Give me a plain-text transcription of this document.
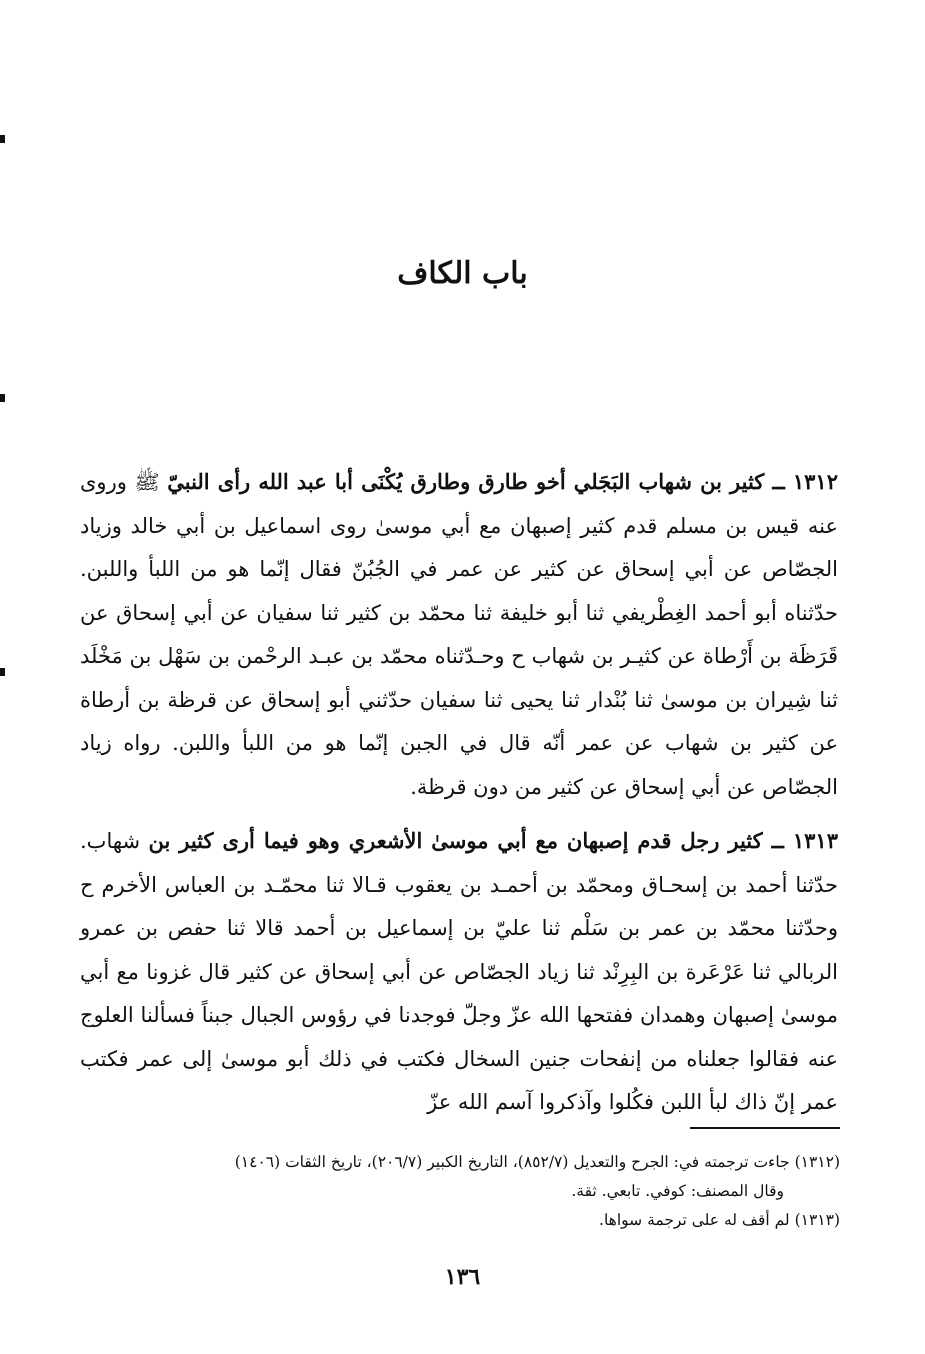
باب الكاف

١٣١٢ ــ كثير بن شهاب البَجَلي أخو طارق وطارق يُكْنَى أبا عبد الله رأى النبيّ ﷺ وروى عنه قيس بن مسلم قدم كثير إصبهان مع أبي موسىٰ روى اسماعيل بن أبي خالد وزياد الجصّاص عن أبي إسحاق عن كثير عن عمر في الجُبُنّ فقال إنّما هو من اللبأ واللبن. حدّثناه أبو أحمد الغِطْريفي ثنا أبو خليفة ثنا محمّد بن كثير ثنا سفيان عن أبي إسحاق عن قَرَظَة بن أَرْطاة عن كثيـر بن شهاب ح وحـدّثناه محمّد بن عبـد الرحْمن بن سَهْل بن مَخْلَد ثنا شِيران بن موسىٰ ثنا بُنْدار ثنا يحيى ثنا سفيان حدّثني أبو إسحاق عن قرظة بن أرطاة عن كثير بن شهاب عن عمر أنّه قال في الجبن إنّما هو من اللبأ واللبن. رواه زياد الجصّاص عن أبي إسحاق عن كثير من دون قرظة.

١٣١٣ ــ كثير رجل قدم إصبهان مع أبي موسىٰ الأشعري وهو فيما أرى كثير بن شهاب. حدّثنا أحمد بن إسحـاق ومحمّد بن أحمـد بن يعقوب قـالا ثنا محمّـد بن العباس الأخرم ح وحدّثنا محمّد بن عمر بن سَلْم ثنا عليّ بن إسماعيل بن أحمد قالا ثنا حفص بن عمرو الربالي ثنا عَرْعَرة بن البِرِنْد ثنا زياد الجصّاص عن أبي إسحاق عن كثير قال غزونا مع أبي موسىٰ إصبهان وهمدان ففتحها الله عزّ وجلّ فوجدنا في رؤوس الجبال جبناً فسألنا العلوج عنه فقالوا جعلناه من إنفحات جنين السخال فكتب في ذلك أبو موسىٰ إلى عمر فكتب عمر إنّ ذاك لبأ اللبن فكُلوا وآذكروا آسم الله عزّ

(١٣١٢) جاءت ترجمته في: الجرح والتعديل (٨٥٢/٧)، التاريخ الكبير (٢٠٦/٧)، تاريخ الثقات (١٤٠٦)
وقال المصنف: كوفي. تابعي. ثقة.
(١٣١٣) لم أقف له على ترجمة سواها.
١٣٦
